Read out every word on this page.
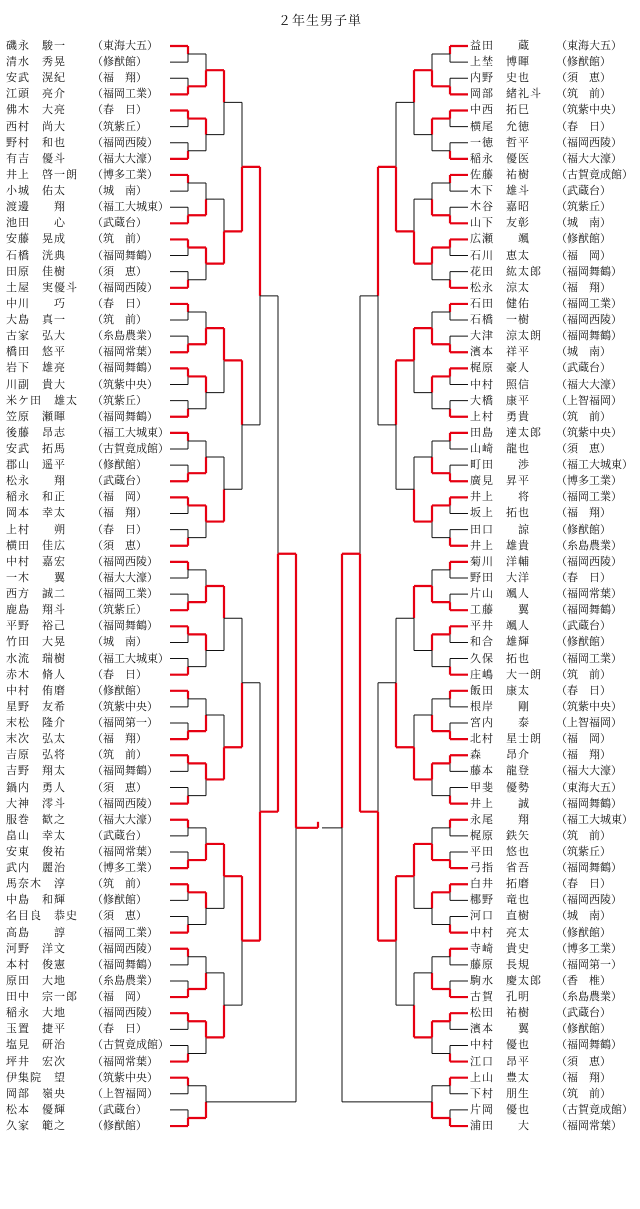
２年生男子単
磯永　駿一 （東海大五）
清水　秀晃 （修猷館）
安武　滉紀 （福　翔）
江頭　亮介 （福岡工業）
佛木　大亮 （春　日）
西村　尚大 （筑紫丘）
野村　和也 （福岡西陵）
有吉　優斗 （福大大濠）
井上　啓一朗 （博多工業）
小城　佑太 （城　南）
渡邊　　翔 （福工大城東）
池田　　心 （武蔵台）
安藤　晃成 （筑　前）
石橋　洸典 （福岡舞鶴）
田原　佳樹 （須　恵）
土屋　実優斗 （福岡西陵）
中川　　巧 （春　日）
大島　真一 （筑　前）
古家　弘大 （糸島農業）
橋田　悠平 （福岡常葉）
岩下　雄亮 （福岡舞鶴）
川副　貴大 （筑紫中央）
米ケ田　雄太 （筑紫丘）
笠原　瀬暉 （福岡舞鶴）
後藤　昂志 （福工大城東）
安武　拓馬 （古賀竟成館）
郡山　遥平 （修猷館）
松永　　翔 （武蔵台）
稲永　和正 （福　岡）
岡本　幸太 （福　翔）
上村　　朔 （春　日）
横田　佳広 （須　恵）
中村　嘉宏 （福岡西陵）
一木　　翼 （福大大濠）
西方　誠二 （福岡工業）
鹿島　翔斗 （筑紫丘）
平野　裕己 （福岡舞鶴）
竹田　大晃 （城　南）
水流　瑞樹 （福工大城東）
赤木　脩人 （春　日）
中村　侑磨 （修猷館）
星野　友希 （筑紫中央）
末松　隆介 （福岡第一）
末次　弘太 （福　翔）
吉原　弘将 （筑　前）
吉野　翔太 （福岡舞鶴）
鍋内　勇人 （須　恵）
大神　澪斗 （福岡西陵）
服巻　歓之 （福大大濠）
畠山　幸太 （武蔵台）
安東　俊祐 （福岡常葉）
武内　麗治 （博多工業）
馬奈木　淳 （筑　前）
中島　和輝 （修猷館）
名目良　恭史 （須　恵）
高島　　諄 （福岡工業）
河野　洋文 （福岡西陵）
本村　俊憲 （福岡舞鶴）
原田　大地 （糸島農業）
田中　宗一郎 （福　岡）
稲永　大地 （福岡西陵）
玉置　捷平 （春　日）
塩見　研治 （古賀竟成館）
坪井　宏次 （福岡常葉）
伊集院　望 （筑紫中央）
岡部　嶺央 （上智福岡）
松本　優輝 （武蔵台）
久家　範之 （修猷館）
益田　　蔵 （東海大五）
上埜　博暉 （修猷館）
内野　史也 （須　恵）
岡部　緒礼斗 （筑　前）
中西　拓巳 （筑紫中央）
横尾　允徳 （春　日）
一徳　哲平 （福岡西陵）
稲永　優医 （福大大濠）
佐藤　祐樹 （古賀竟成館）
木下　雄斗 （武蔵台）
木谷　嘉昭 （筑紫丘）
山下　友彰 （城　南）
広瀬　　颯 （修猷館）
石川　恵太 （福　岡）
花田　紘太郎 （福岡舞鶴）
松永　涼太 （福　翔）
石田　健佑 （福岡工業）
石橋　一樹 （福岡西陵）
大津　涼太朗 （福岡舞鶴）
濱本　祥平 （城　南）
梶原　豪人 （武蔵台）
中村　照信 （福大大濠）
大橋　康平 （上智福岡）
上村　勇貴 （筑　前）
田島　達太郎 （筑紫中央）
山崎　龍也 （須　恵）
町田　　渉 （福工大城東）
廣見　昇平 （博多工業）
井上　　将 （福岡工業）
坂上　拓也 （福　翔）
田口　　諒 （修猷館）
井上　雄貴 （糸島農業）
菊川　洋輔 （福岡西陵）
野田　大洋 （春　日）
片山　颯人 （福岡常葉）
工藤　　翼 （福岡舞鶴）
平井　颯人 （武蔵台）
和合　雄輝 （修猷館）
久保　拓也 （福岡工業）
庄嶋　大一朗 （筑　前）
飯田　康太 （春　日）
根岸　　剛 （筑紫中央）
宮内　　泰 （上智福岡）
北村　星士朗 （福　岡）
森　　昂介 （福　翔）
藤本　龍登 （福大大濠）
甲斐　優勢 （東海大五）
井上　　誠 （福岡舞鶴）
永尾　　翔 （福工大城東）
梶原　鉄矢 （筑　前）
平田　悠也 （筑紫丘）
弓指　省吾 （福岡舞鶴）
白井　拓磨 （春　日）
梛野　竜也 （福岡西陵）
河口　直樹 （城　南）
中村　亮太 （修猷館）
寺崎　貴史 （博多工業）
藤原　長規 （福岡第一）
駒水　慶太郎 （香　椎）
古賀　孔明 （糸島農業）
松田　祐樹 （武蔵台）
濱本　　翼 （修猷館）
中村　優也 （福岡舞鶴）
江口　昂平 （須　恵）
上山　豊太 （福　翔）
下村　朋生 （筑　前）
片岡　優也 （古賀竟成館）
浦田　　大 （福岡常葉）
